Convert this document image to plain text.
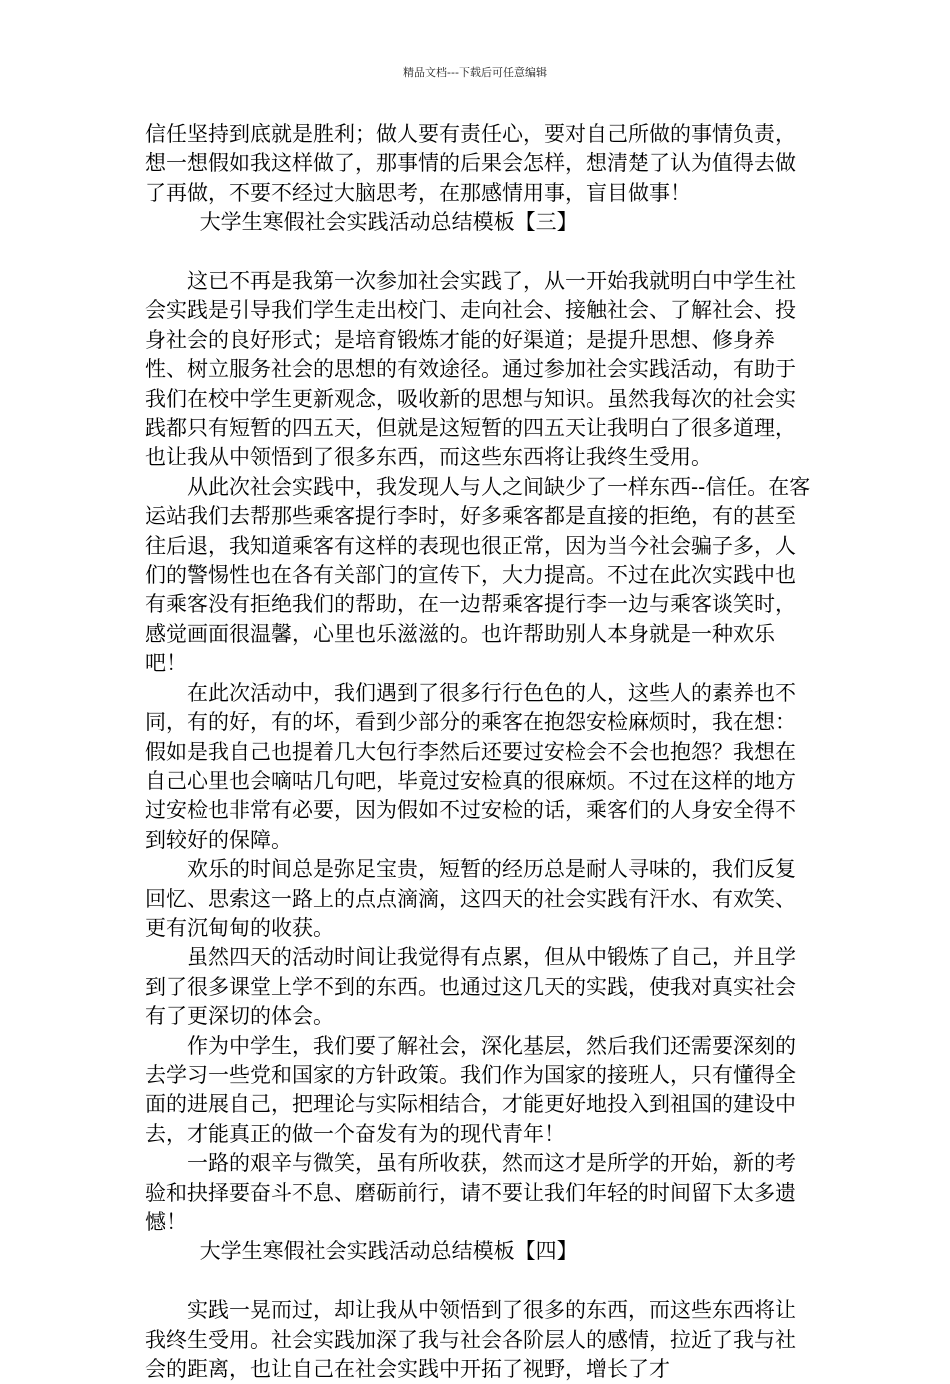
精品文档---下载后可任意编辑

信任坚持到底就是胜利；做人要有责任心，要对自己所做的事情负责，想一想假如我这样做了，那事情的后果会怎样，想清楚了认为值得去做了再做，不要不经过大脑思考，在那感情用事，盲目做事！

大学生寒假社会实践活动总结模板【三】

这已不再是我第一次参加社会实践了，从一开始我就明白中学生社会实践是引导我们学生走出校门、走向社会、接触社会、了解社会、投身社会的良好形式；是培育锻炼才能的好渠道；是提升思想、修身养性、树立服务社会的思想的有效途径。通过参加社会实践活动，有助于我们在校中学生更新观念，吸收新的思想与知识。虽然我每次的社会实践都只有短暂的四五天，但就是这短暂的四五天让我明白了很多道理，也让我从中领悟到了很多东西，而这些东西将让我终生受用。

从此次社会实践中，我发现人与人之间缺少了一样东西--信任。在客运站我们去帮那些乘客提行李时，好多乘客都是直接的拒绝，有的甚至往后退，我知道乘客有这样的表现也很正常，因为当今社会骗子多，人们的警惕性也在各有关部门的宣传下，大力提高。不过在此次实践中也有乘客没有拒绝我们的帮助，在一边帮乘客提行李一边与乘客谈笑时，感觉画面很温馨，心里也乐滋滋的。也许帮助别人本身就是一种欢乐吧！

在此次活动中，我们遇到了很多行行色色的人，这些人的素养也不同，有的好，有的坏，看到少部分的乘客在抱怨安检麻烦时，我在想：假如是我自己也提着几大包行李然后还要过安检会不会也抱怨？我想在自己心里也会嘀咕几句吧，毕竟过安检真的很麻烦。不过在这样的地方过安检也非常有必要，因为假如不过安检的话，乘客们的人身安全得不到较好的保障。

欢乐的时间总是弥足宝贵，短暂的经历总是耐人寻味的，我们反复回忆、思索这一路上的点点滴滴，这四天的社会实践有汗水、有欢笑、更有沉甸甸的收获。

虽然四天的活动时间让我觉得有点累，但从中锻炼了自己，并且学到了很多课堂上学不到的东西。也通过这几天的实践，使我对真实社会有了更深切的体会。

作为中学生，我们要了解社会，深化基层，然后我们还需要深刻的去学习一些党和国家的方针政策。我们作为国家的接班人，只有懂得全面的进展自己，把理论与实际相结合，才能更好地投入到祖国的建设中去，才能真正的做一个奋发有为的现代青年！

一路的艰辛与微笑，虽有所收获，然而这才是所学的开始，新的考验和抉择要奋斗不息、磨砺前行，请不要让我们年轻的时间留下太多遗憾！

大学生寒假社会实践活动总结模板【四】

实践一晃而过，却让我从中领悟到了很多的东西，而这些东西将让我终生受用。社会实践加深了我与社会各阶层人的感情，拉近了我与社会的距离，也让自己在社会实践中开拓了视野，增长了才
